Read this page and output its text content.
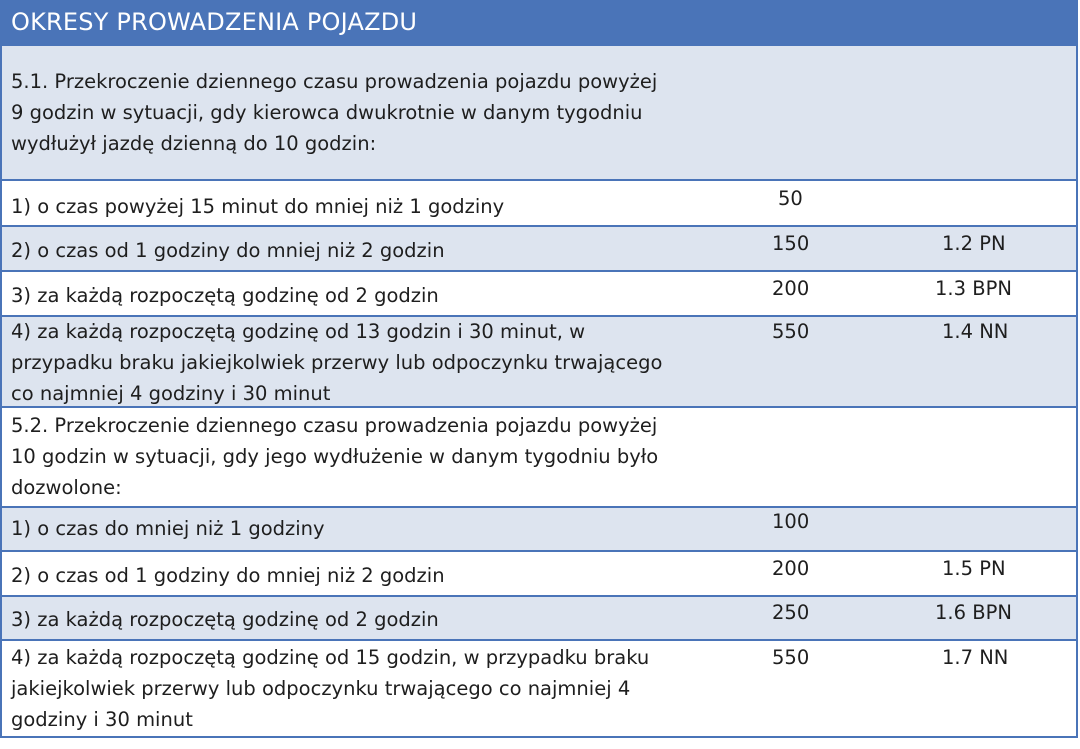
OKRESY PROWADZENIA POJAZDU
5.1. Przekroczenie dziennego czasu prowadzenia pojazdu powyżej
9 godzin w sytuacji, gdy kierowca dwukrotnie w danym tygodniu
wydłużył jazdę dzienną do 10 godzin:
1) o czas powyżej 15 minut do mniej niż 1 godziny	50
2) o czas od 1 godziny do mniej niż 2 godzin	150	1.2 PN
3) za każdą rozpoczętą godzinę od 2 godzin	200	1.3 BPN
4) za każdą rozpoczętą godzinę od 13 godzin i 30 minut, w
przypadku braku jakiejkolwiek przerwy lub odpoczynku trwającego
co najmniej 4 godziny i 30 minut
550	1.4 NN
5.2. Przekroczenie dziennego czasu prowadzenia pojazdu powyżej
10 godzin w sytuacji, gdy jego wydłużenie w danym tygodniu było
dozwolone:
1) o czas do mniej niż 1 godziny	100
2) o czas od 1 godziny do mniej niż 2 godzin	200	1.5 PN
3) za każdą rozpoczętą godzinę od 2 godzin	250	1.6 BPN
4) za każdą rozpoczętą godzinę od 15 godzin, w przypadku braku
jakiejkolwiek przerwy lub odpoczynku trwającego co najmniej 4
godziny i 30 minut
550	1.7 NN
